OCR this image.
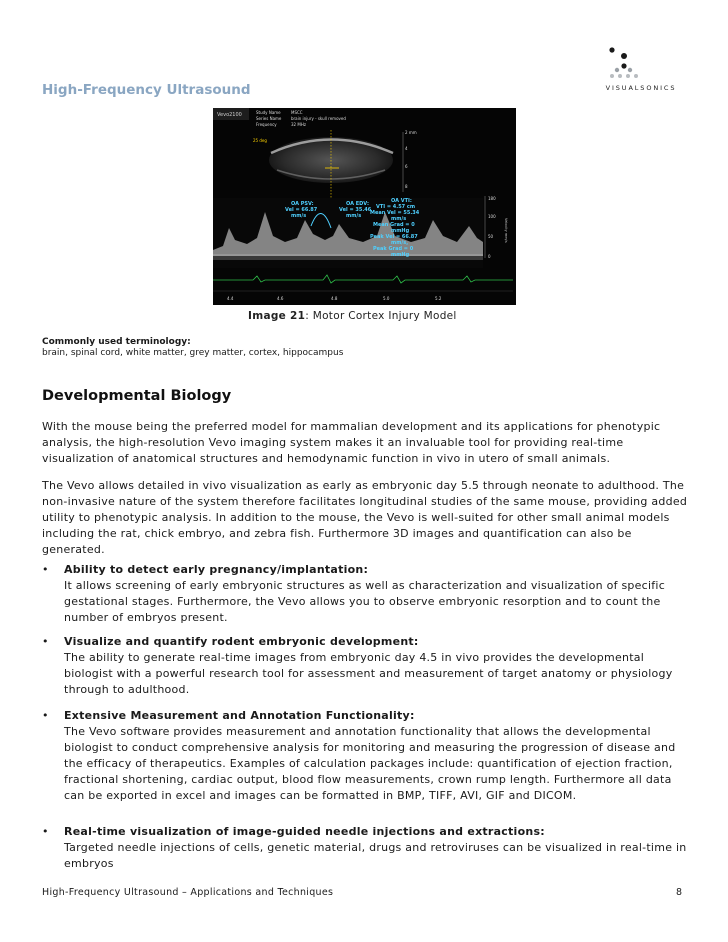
High-Frequency Ultrasound	VISUALSONICS
Vevo2100	Study Name	MSCC
Series Name brain injury - skull removed
Frequency	32 MHz
25 deg
2 mm
4
6
8
OA PSV:
Vel = 66.87
mm/s
OA EDV:
Vel = 35.46
mm/s
OA VTI:
VTI = 4.57 cm
Mean Vel = 55.34
mm/s
Mean Grad = 0
mmHg
Peak Vel = 66.87
mm/s,
Peak Grad = 0
mmHg
180
100
50
0
Velocity mm/s
4.4	4.6	4.8	5.0	5.2
Image 21: Motor Cortex Injury Model
Commonly used terminology:
brain, spinal cord, white matter, grey matter, cortex, hippocampus
Developmental Biology

With the mouse being the preferred model for mammalian development and its applications for phenotypic analysis, the high-resolution Vevo imaging system makes it an invaluable tool for providing real-time visualization of anatomical structures and hemodynamic function in vivo in utero of small animals.

The Vevo allows detailed in vivo visualization as early as embryonic day 5.5 through neonate to adulthood. The non-invasive nature of the system therefore facilitates longitudinal studies of the same mouse, providing added utility to phenotypic analysis. In addition to the mouse, the Vevo is well-suited for other small animal models including the rat, chick embryo, and zebra fish. Furthermore 3D images and quantification can also be generated.

• Ability to detect early pregnancy/implantation:
It allows screening of early embryonic structures as well as characterization and visualization of specific gestational stages. Furthermore, the Vevo allows you to observe embryonic resorption and to count the number of embryos present.
• Visualize and quantify rodent embryonic development:
The ability to generate real-time images from embryonic day 4.5 in vivo provides the developmental biologist with a powerful research tool for assessment and measurement of target anatomy or physiology through to adulthood.
• Extensive Measurement and Annotation Functionality:
The Vevo software provides measurement and annotation functionality that allows the developmental biologist to conduct comprehensive analysis for monitoring and measuring the progression of disease and the efficacy of therapeutics. Examples of calculation packages include: quantification of ejection fraction, fractional shortening, cardiac output, blood flow measurements, crown rump length. Furthermore all data can be exported in excel and images can be formatted in BMP, TIFF, AVI, GIF and DICOM.
• Real-time visualization of image-guided needle injections and extractions:
Targeted needle injections of cells, genetic material, drugs and retroviruses can be visualized in real-time in embryos
High-Frequency Ultrasound – Applications and Techniques	8
